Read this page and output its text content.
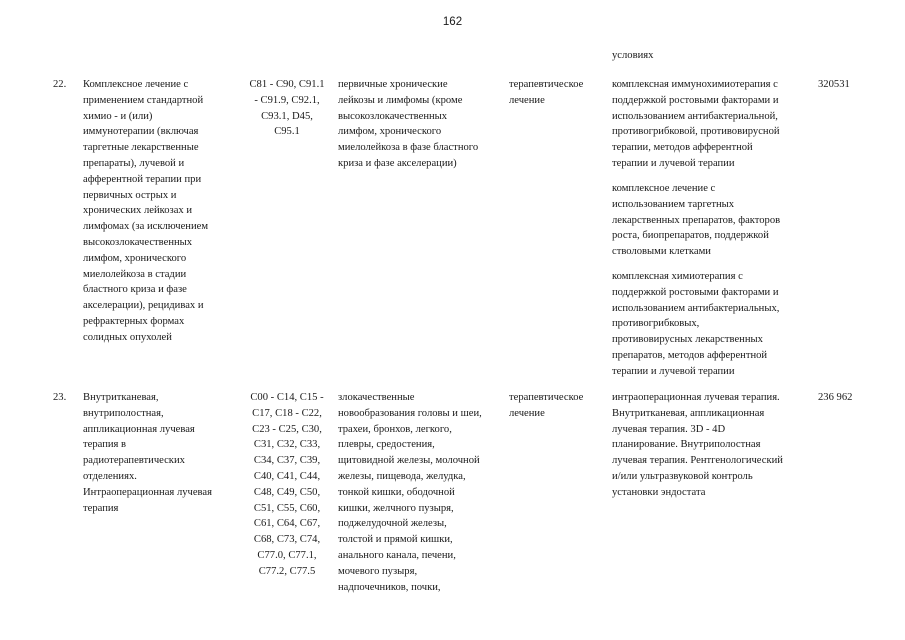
162
условиях
22.	Комплексное лечение с
применением стандартной
химио - и (или)
иммунотерапии (включая
таргетные лекарственные
препараты), лучевой и
афферентной терапии при
первичных острых и
хронических лейкозах и
лимфомах (за исключением
высокозлокачественных
лимфом, хронического
миелолейкоза в стадии
бластного криза и фазе
акселерации), рецидивах и
рефрактерных формах
солидных опухолей
C81 - C90, C91.1
- C91.9, C92.1,
C93.1, D45,
C95.1
первичные хронические
лейкозы и лимфомы (кроме
высокозлокачественных
лимфом, хронического
миелолейкоза в фазе бластного
криза и фазе акселерации)
терапевтическое
лечение
комплексная иммунохимиотерапия с
поддержкой ростовыми факторами и
использованием антибактериальной,
противогрибковой, противовирусной
терапии, методов афферентной
терапии и лучевой терапии
комплексное лечение с
использованием таргетных
лекарственных препаратов, факторов
роста, биопрепаратов, поддержкой
стволовыми клетками
комплексная химиотерапия с
поддержкой ростовыми факторами и
использованием антибактериальных,
противогрибковых,
противовирусных лекарственных
препаратов, методов афферентной
терапии и лучевой терапии
320531
23.	Внутритканевая,
внутриполостная,
аппликационная лучевая
терапия в
радиотерапевтических
отделениях.
Интраоперационная лучевая
терапия
C00 - C14, C15 -
C17, C18 - C22,
C23 - C25, C30,
C31, C32, C33,
C34, C37, C39,
C40, C41, C44,
C48, C49, C50,
C51, C55, C60,
C61, C64, C67,
C68, C73, C74,
C77.0, C77.1,
C77.2, C77.5
злокачественные
новообразования головы и шеи,
трахеи, бронхов, легкого,
плевры, средостения,
щитовидной железы, молочной
железы, пищевода, желудка,
тонкой кишки, ободочной
кишки, желчного пузыря,
поджелудочной железы,
толстой и прямой кишки,
анального канала, печени,
мочевого пузыря,
надпочечников, почки,
терапевтическое
лечение
интраоперационная лучевая терапия.
Внутритканевая, аппликационная
лучевая терапия. 3D - 4D
планирование. Внутриполостная
лучевая терапия. Рентгенологический
и/или ультразвуковой контроль
установки эндостата
236 962
